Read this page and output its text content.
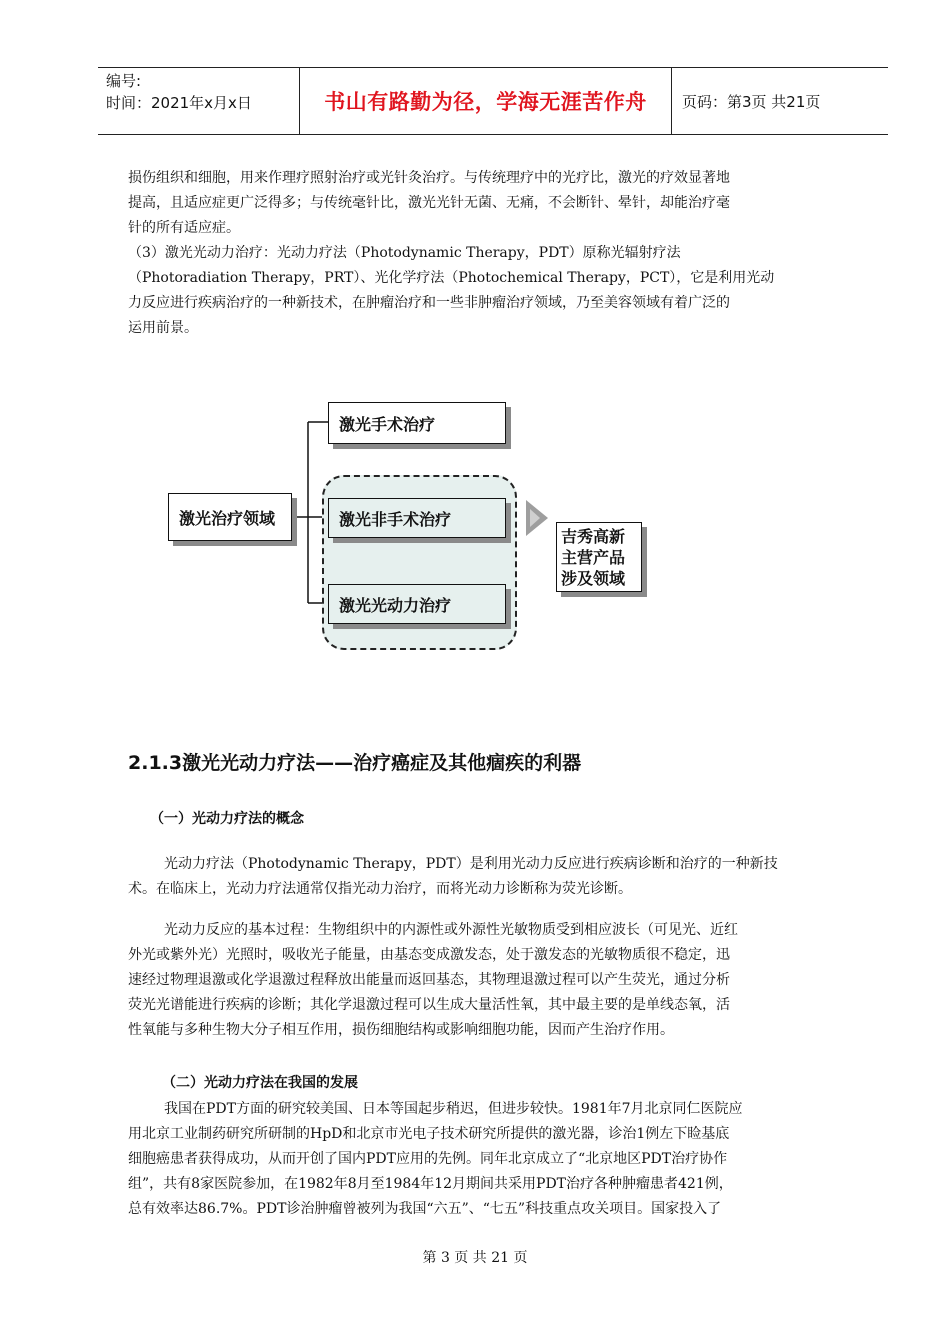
编号:
时间：2021年x月x日	书山有路勤为径，学海无涯苦作舟	页码：第3页 共21页

损伤组织和细胞，用来作理疗照射治疗或光针灸治疗。与传统理疗中的光疗比，激光的疗效显著地

提高，且适应症更广泛得多；与传统毫针比，激光光针无菌、无痛，不会断针、晕针，却能治疗毫

针的所有适应症。

（3）激光光动力治疗：光动力疗法（Photodynamic Therapy，PDT）原称光辐射疗法

（Photoradiation Therapy，PRT）、光化学疗法（Photochemical Therapy，PCT），它是利用光动

力反应进行疾病治疗的一种新技术，在肿瘤治疗和一些非肿瘤治疗领域，乃至美容领域有着广泛的

运用前景。

激光治疗领域
激光手术治疗
激光非手术治疗
激光光动力治疗
吉秀高新
主营产品
涉及领域
2.1.3激光光动力疗法——治疗癌症及其他痼疾的利器
（一）光动力疗法的概念

光动力疗法（Photodynamic Therapy，PDT）是利用光动力反应进行疾病诊断和治疗的一种新技

术。在临床上，光动力疗法通常仅指光动力治疗，而将光动力诊断称为荧光诊断。

光动力反应的基本过程：生物组织中的内源性或外源性光敏物质受到相应波长（可见光、近红

外光或紫外光）光照时，吸收光子能量，由基态变成激发态，处于激发态的光敏物质很不稳定，迅

速经过物理退激或化学退激过程释放出能量而返回基态，其物理退激过程可以产生荧光，通过分析

荧光光谱能进行疾病的诊断；其化学退激过程可以生成大量活性氧，其中最主要的是单线态氧，活

性氧能与多种生物大分子相互作用，损伤细胞结构或影响细胞功能，因而产生治疗作用。

（二）光动力疗法在我国的发展

我国在PDT方面的研究较美国、日本等国起步稍迟，但进步较快。1981年7月北京同仁医院应

用北京工业制药研究所研制的HpD和北京市光电子技术研究所提供的激光器，诊治1例左下睑基底

细胞癌患者获得成功，从而开创了国内PDT应用的先例。同年北京成立了“北京地区PDT治疗协作

组”，共有8家医院参加，在1982年8月至1984年12月期间共采用PDT治疗各种肿瘤患者421例，

总有效率达86.7%。PDT诊治肿瘤曾被列为我国“六五”、“七五”科技重点攻关项目。国家投入了

第 3 页 共 21 页
